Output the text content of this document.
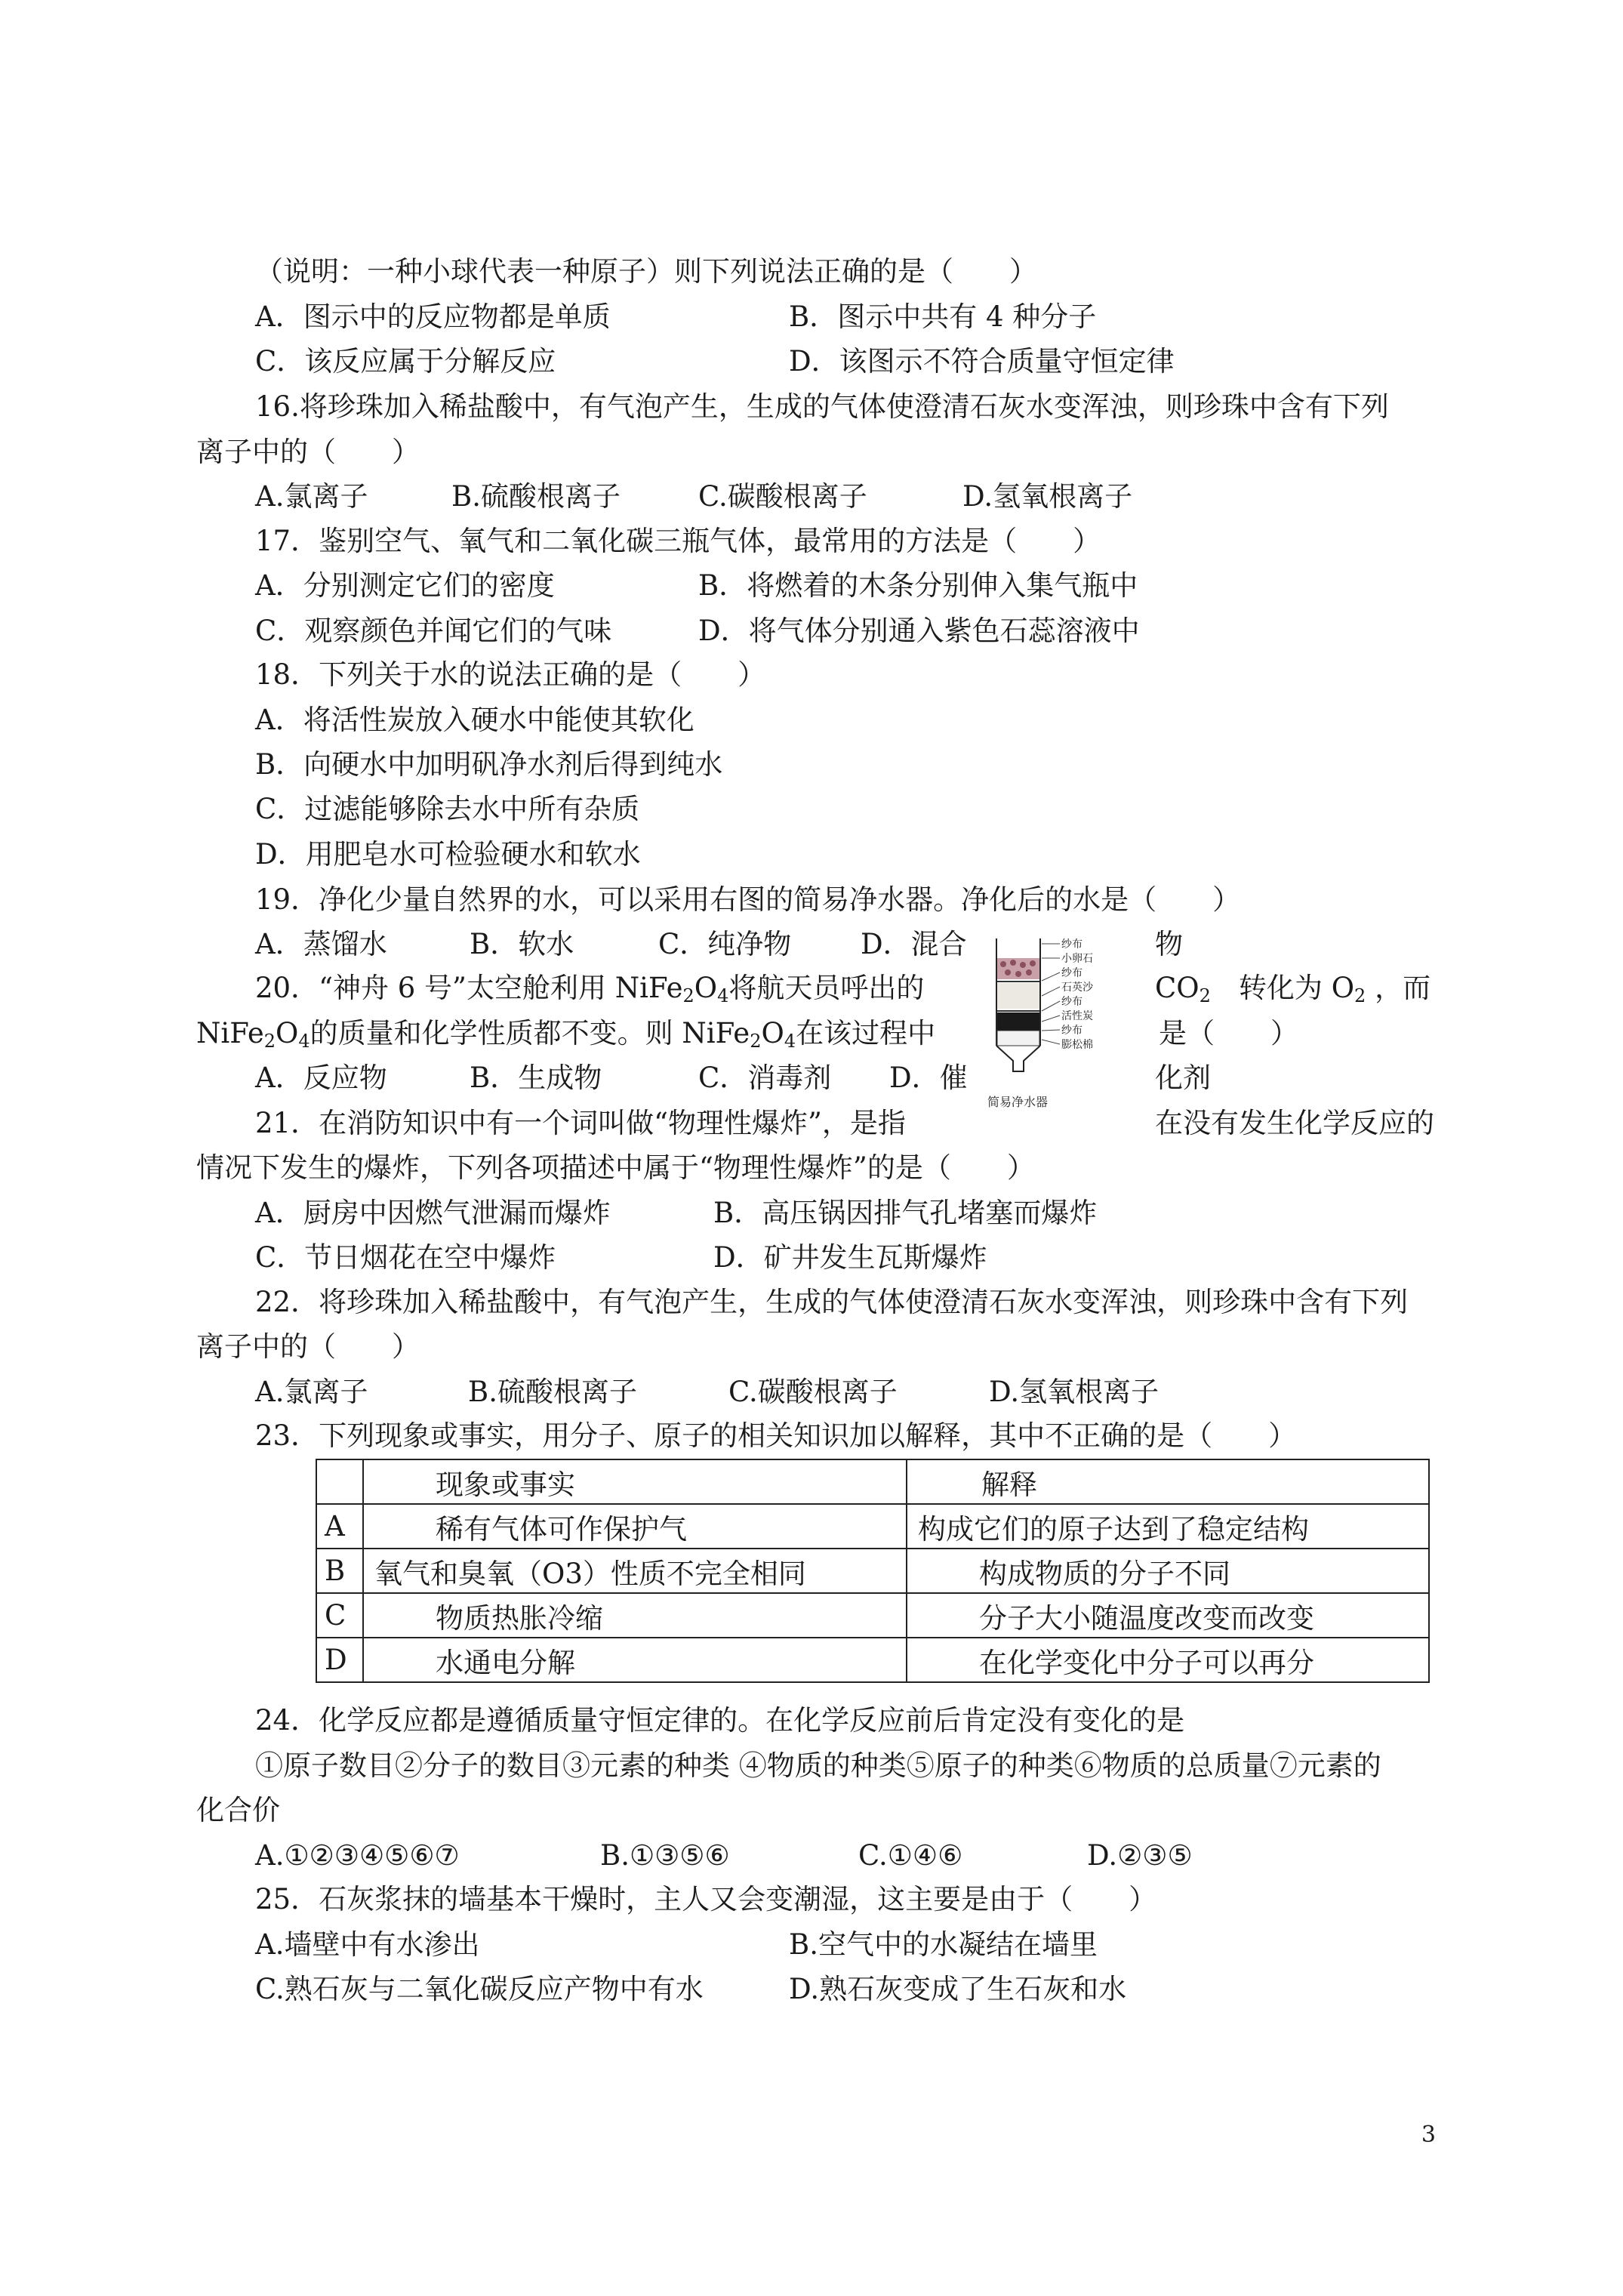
（说明：一种小球代表一种原子）则下列说法正确的是（　　）
A．图示中的反应物都是单质	B．图示中共有 4 种分子
C．该反应属于分解反应	D．该图示不符合质量守恒定律
16.将珍珠加入稀盐酸中，有气泡产生，生成的气体使澄清石灰水变浑浊，则珍珠中含有下列
离子中的（　　）
A.氯离子	B.硫酸根离子	C.碳酸根离子	D.氢氧根离子
17．鉴别空气、氧气和二氧化碳三瓶气体，最常用的方法是（　　）
A．分别测定它们的密度	B．将燃着的木条分别伸入集气瓶中
C．观察颜色并闻它们的气味	D．将气体分别通入紫色石蕊溶液中
18．下列关于水的说法正确的是（　　）
A．将活性炭放入硬水中能使其软化
B．向硬水中加明矾净水剂后得到纯水
C．过滤能够除去水中所有杂质
D．用肥皂水可检验硬水和软水
19．净化少量自然界的水，可以采用右图的简易净水器。净化后的水是（　　）
A．蒸馏水	B．软水	C．纯净物 D．混合	物
20．“神舟 6 号”太空舱利用 $NiFe_2O_4$将航天员呼出的	$CO_2$　 转化为 $O_2$ ，而
$NiFe_2O_4$的质量和化学性质都不变。则 $NiFe_2O_4$在该过程中	是（　　）
A．反应物	B．生成物	C．消毒剂 D．催	化剂
21．在消防知识中有一个词叫做“物理性爆炸”，是指	在没有发生化学反应的
情况下发生的爆炸，下列各项描述中属于“物理性爆炸”的是（　　）
A．厨房中因燃气泄漏而爆炸	B．高压锅因排气孔堵塞而爆炸
C．节日烟花在空中爆炸	D．矿井发生瓦斯爆炸
22．将珍珠加入稀盐酸中，有气泡产生，生成的气体使澄清石灰水变浑浊，则珍珠中含有下列
离子中的（　　）
A.氯离子	B.硫酸根离子	C.碳酸根离子	D.氢氧根离子
23．下列现象或事实，用分子、原子的相关知识加以解释，其中不正确的是（　　）
	现象或事实	解释
A	稀有气体可作保护气	构成它们的原子达到了稳定结构
B	氧气和臭氧（O3）性质不完全相同	构成物质的分子不同
C	物质热胀冷缩	分子大小随温度改变而改变
D	水通电分解	在化学变化中分子可以再分
24．化学反应都是遵循质量守恒定律的。在化学反应前后肯定没有变化的是
①原子数目②分子的数目③元素的种类 ④物质的种类⑤原子的种类⑥物质的总质量⑦元素的
化合价
A.①②③④⑤⑥⑦	B.①③⑤⑥	C.①④⑥	D.②③⑤
25．石灰浆抹的墙基本干燥时，主人又会变潮湿，这主要是由于（　　）
A.墙壁中有水渗出	B.空气中的水凝结在墙里
C.熟石灰与二氧化碳反应产物中有水	D.熟石灰变成了生石灰和水
纱布
小卵石
纱布
石英沙
纱布
活性炭
纱布
膨松棉
简易净水器
3
